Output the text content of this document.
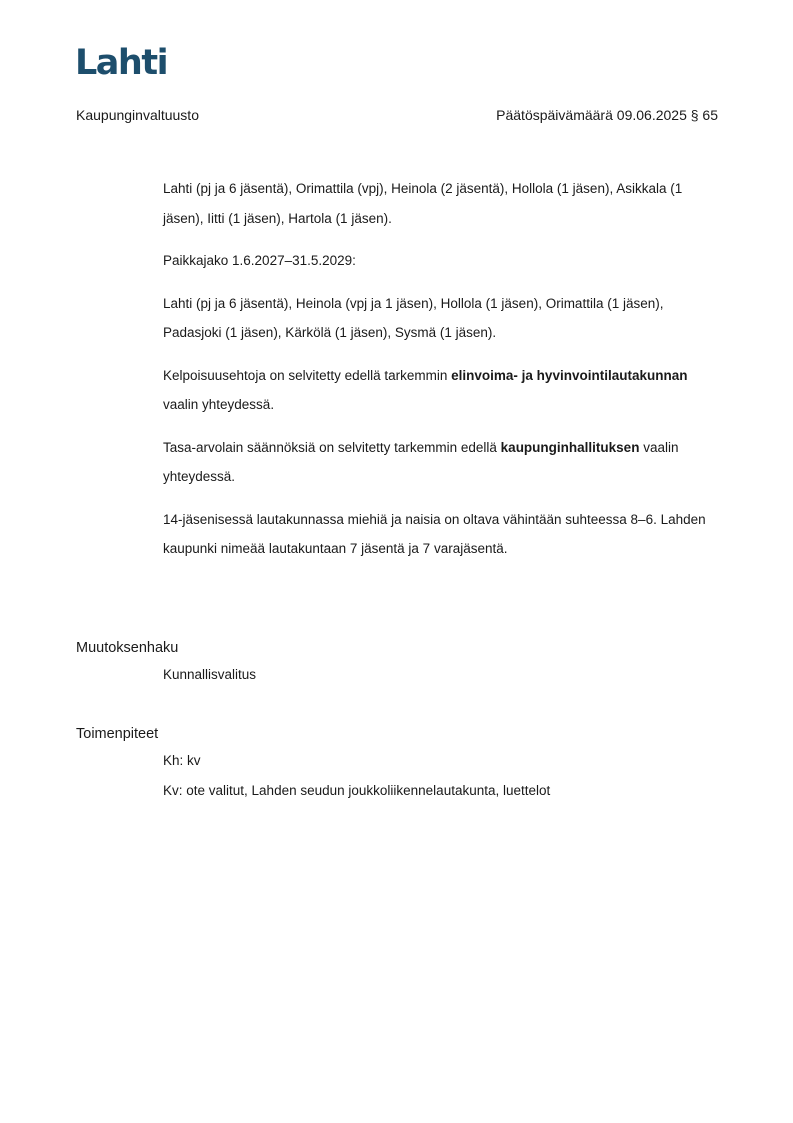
Lahti
Kaupunginvaltuusto	Päätöspäivämäärä 09.06.2025 § 65

Lahti (pj ja 6 jäsentä), Orimattila (vpj), Heinola (2 jäsentä), Hollola (1 jäsen), Asikkala (1 jäsen), Iitti (1 jäsen), Hartola (1 jäsen).

Paikkajako 1.6.2027–31.5.2029:

Lahti (pj ja 6 jäsentä), Heinola (vpj ja 1 jäsen), Hollola (1 jäsen), Orimattila (1 jäsen), Padasjoki (1 jäsen), Kärkölä (1 jäsen), Sysmä (1 jäsen).

Kelpoisuusehtoja on selvitetty edellä tarkemmin elinvoima- ja hyvinvointilautakunnan vaalin yhteydessä.

Tasa-arvolain säännöksiä on selvitetty tarkemmin edellä kaupunginhallituksen vaalin yhteydessä.

14-jäsenisessä lautakunnassa miehiä ja naisia on oltava vähintään suhteessa 8–6. Lahden kaupunki nimeää lautakuntaan 7 jäsentä ja 7 varajäsentä.

Muutoksenhaku
Kunnallisvalitus
Toimenpiteet
Kh: kv
Kv: ote valitut, Lahden seudun joukkoliikennelautakunta, luettelot
